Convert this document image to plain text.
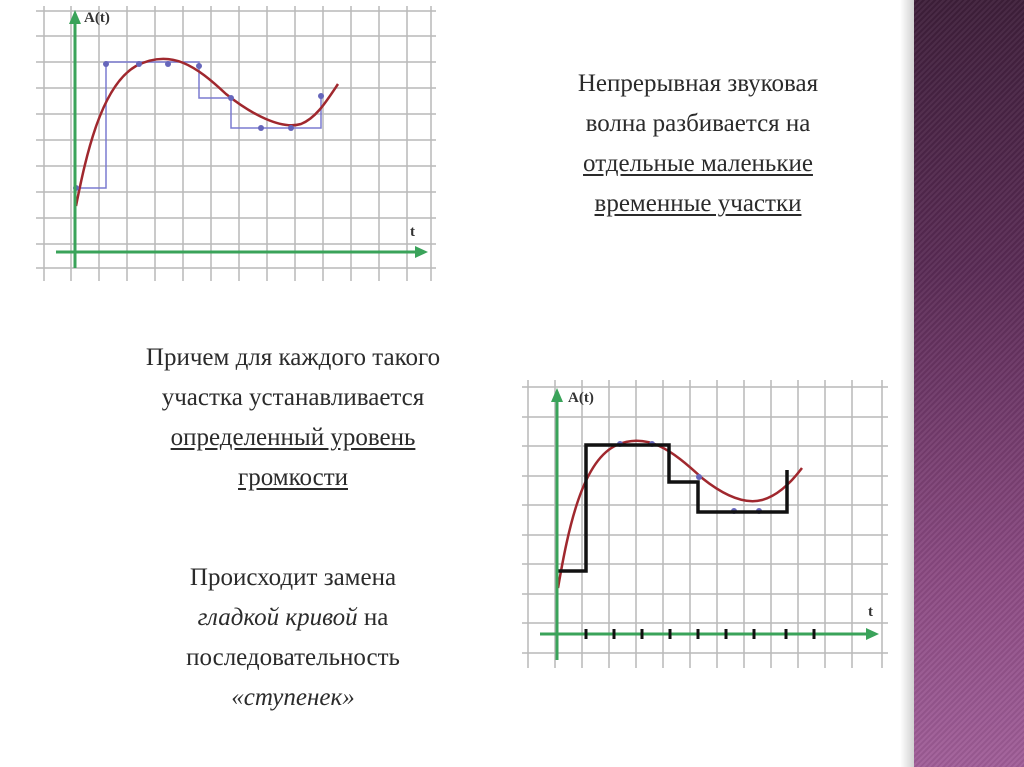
A(t)
t
A(t)
t
Непрерывная звуковая
волна разбивается на
отдельные маленькие
временные участки
Причем для каждого такого
участка устанавливается
определенный уровень
громкости
Происходит замена
гладкой кривой на
последовательность
«ступенек»
